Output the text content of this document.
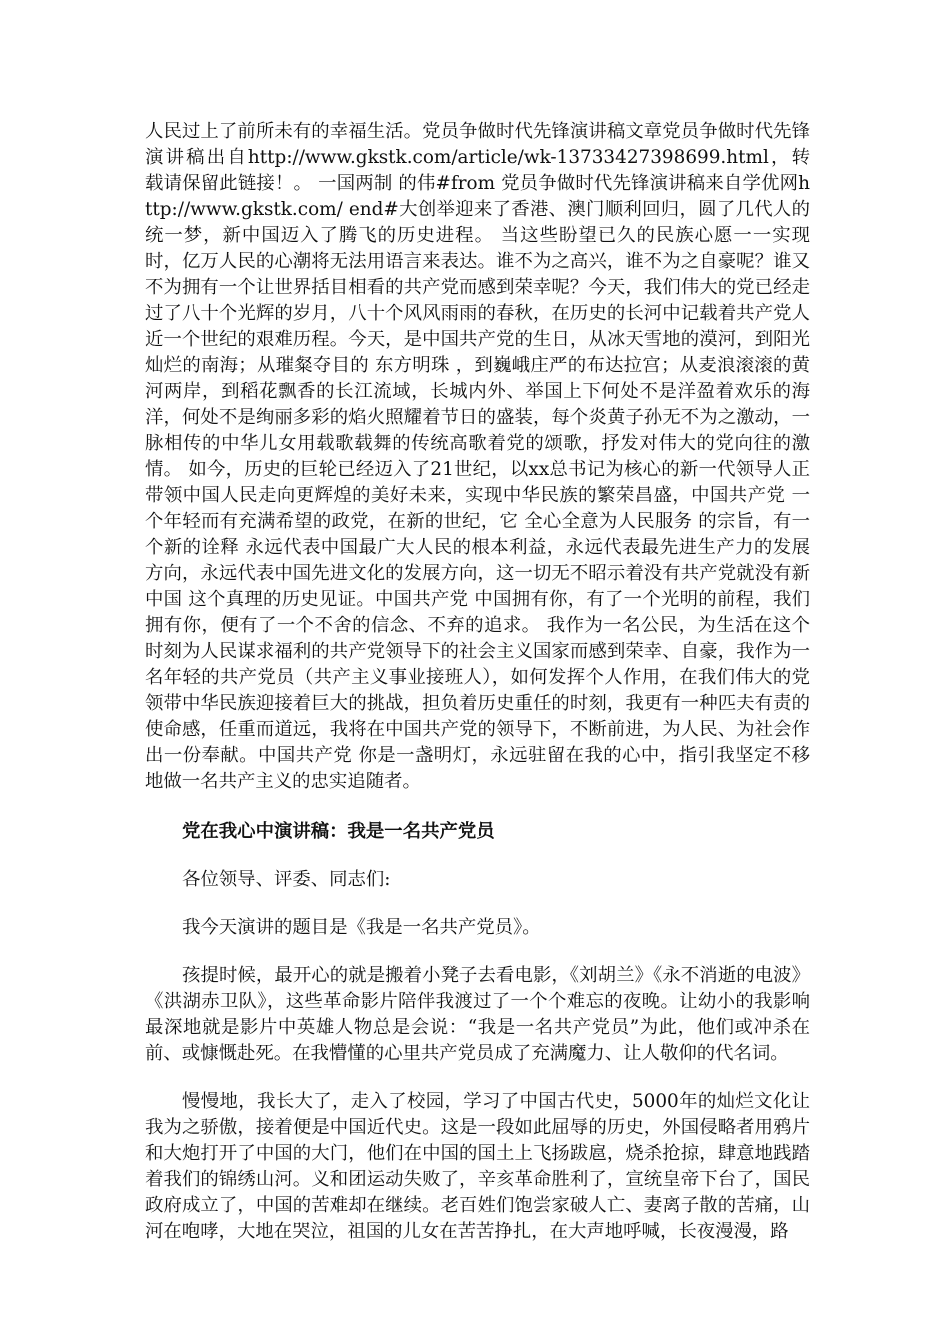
人民过上了前所未有的幸福生活。党员争做时代先锋演讲稿文章党员争做时代先锋演讲稿出自http://www.gkstk.com/article/wk-13733427398699.html，转载请保留此链接！。 一国两制 的伟#from 党员争做时代先锋演讲稿来自学优网http://www.gkstk.com/ end#大创举迎来了香港、澳门顺利回归，圆了几代人的统一梦，新中国迈入了腾飞的历史进程。 当这些盼望已久的民族心愿一一实现时，亿万人民的心潮将无法用语言来表达。谁不为之高兴，谁不为之自豪呢？谁又不为拥有一个让世界括目相看的共产党而感到荣幸呢？今天，我们伟大的党已经走过了八十个光辉的岁月，八十个风风雨雨的春秋，在历史的长河中记载着共产党人近一个世纪的艰难历程。今天，是中国共产党的生日，从冰天雪地的漠河，到阳光灿烂的南海；从璀粲夺目的 东方明珠 ，到巍峨庄严的布达拉宫；从麦浪滚滚的黄河两岸，到稻花飘香的长江流域，长城内外、举国上下何处不是洋盈着欢乐的海洋，何处不是绚丽多彩的焰火照耀着节日的盛装，每个炎黄子孙无不为之激动，一脉相传的中华儿女用载歌载舞的传统高歌着党的颂歌，抒发对伟大的党向往的激情。 如今，历史的巨轮已经迈入了21世纪，以xx总书记为核心的新一代领导人正带领中国人民走向更辉煌的美好未来，实现中华民族的繁荣昌盛，中国共产党 一个年轻而有充满希望的政党，在新的世纪，它 全心全意为人民服务 的宗旨，有一个新的诠释 永远代表中国最广大人民的根本利益，永远代表最先进生产力的发展方向，永远代表中国先进文化的发展方向，这一切无不昭示着没有共产党就没有新中国 这个真理的历史见证。中国共产党 中国拥有你，有了一个光明的前程，我们拥有你，便有了一个不舍的信念、不弃的追求。 我作为一名公民，为生活在这个时刻为人民谋求福利的共产党领导下的社会主义国家而感到荣幸、自豪，我作为一名年轻的共产党员（共产主义事业接班人），如何发挥个人作用，在我们伟大的党领带中华民族迎接着巨大的挑战，担负着历史重任的时刻，我更有一种匹夫有责的使命感，任重而道远，我将在中国共产党的领导下，不断前进，为人民、为社会作出一份奉献。中国共产党 你是一盏明灯，永远驻留在我的心中，指引我坚定不移地做一名共产主义的忠实追随者。

党在我心中演讲稿：我是一名共产党员

各位领导、评委、同志们:

我今天演讲的题目是《我是一名共产党员》。

孩提时候，最开心的就是搬着小凳子去看电影，《刘胡兰》《永不消逝的电波》《洪湖赤卫队》，这些革命影片陪伴我渡过了一个个难忘的夜晚。让幼小的我影响最深地就是影片中英雄人物总是会说：“我是一名共产党员”为此，他们或冲杀在前、或慷慨赴死。在我懵懂的心里共产党员成了充满魔力、让人敬仰的代名词。

慢慢地，我长大了，走入了校园，学习了中国古代史，5000年的灿烂文化让我为之骄傲，接着便是中国近代史。这是一段如此屈辱的历史，外国侵略者用鸦片和大炮打开了中国的大门，他们在中国的国土上飞扬跋扈，烧杀抢掠，肆意地践踏着我们的锦绣山河。义和团运动失败了，辛亥革命胜利了，宣统皇帝下台了，国民政府成立了，中国的苦难却在继续。老百姓们饱尝家破人亡、妻离子散的苦痛，山河在咆哮，大地在哭泣，祖国的儿女在苦苦挣扎，在大声地呼喊，长夜漫漫，路
